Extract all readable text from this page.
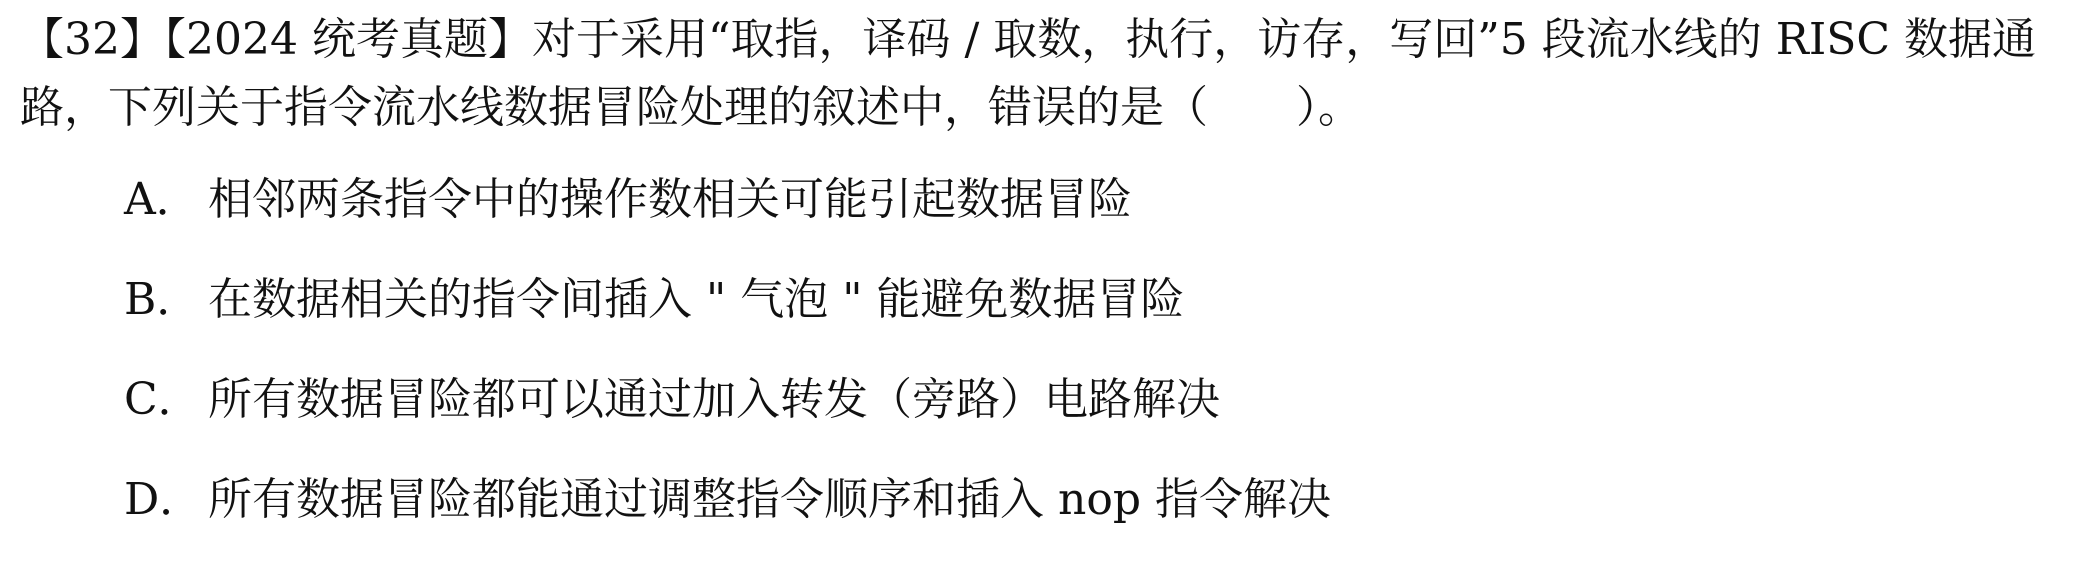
【32】【2024 统考真题】对于采用“取指，译码 / 取数，执行，访存，写回”5 段流水线的 RISC 数据通路，下列关于指令流水线数据冒险处理的叙述中，错误的是（　　）。
A． 相邻两条指令中的操作数相关可能引起数据冒险
B． 在数据相关的指令间插入 " 气泡 " 能避免数据冒险
C． 所有数据冒险都可以通过加入转发（旁路）电路解决
D． 所有数据冒险都能通过调整指令顺序和插入 nop 指令解决
